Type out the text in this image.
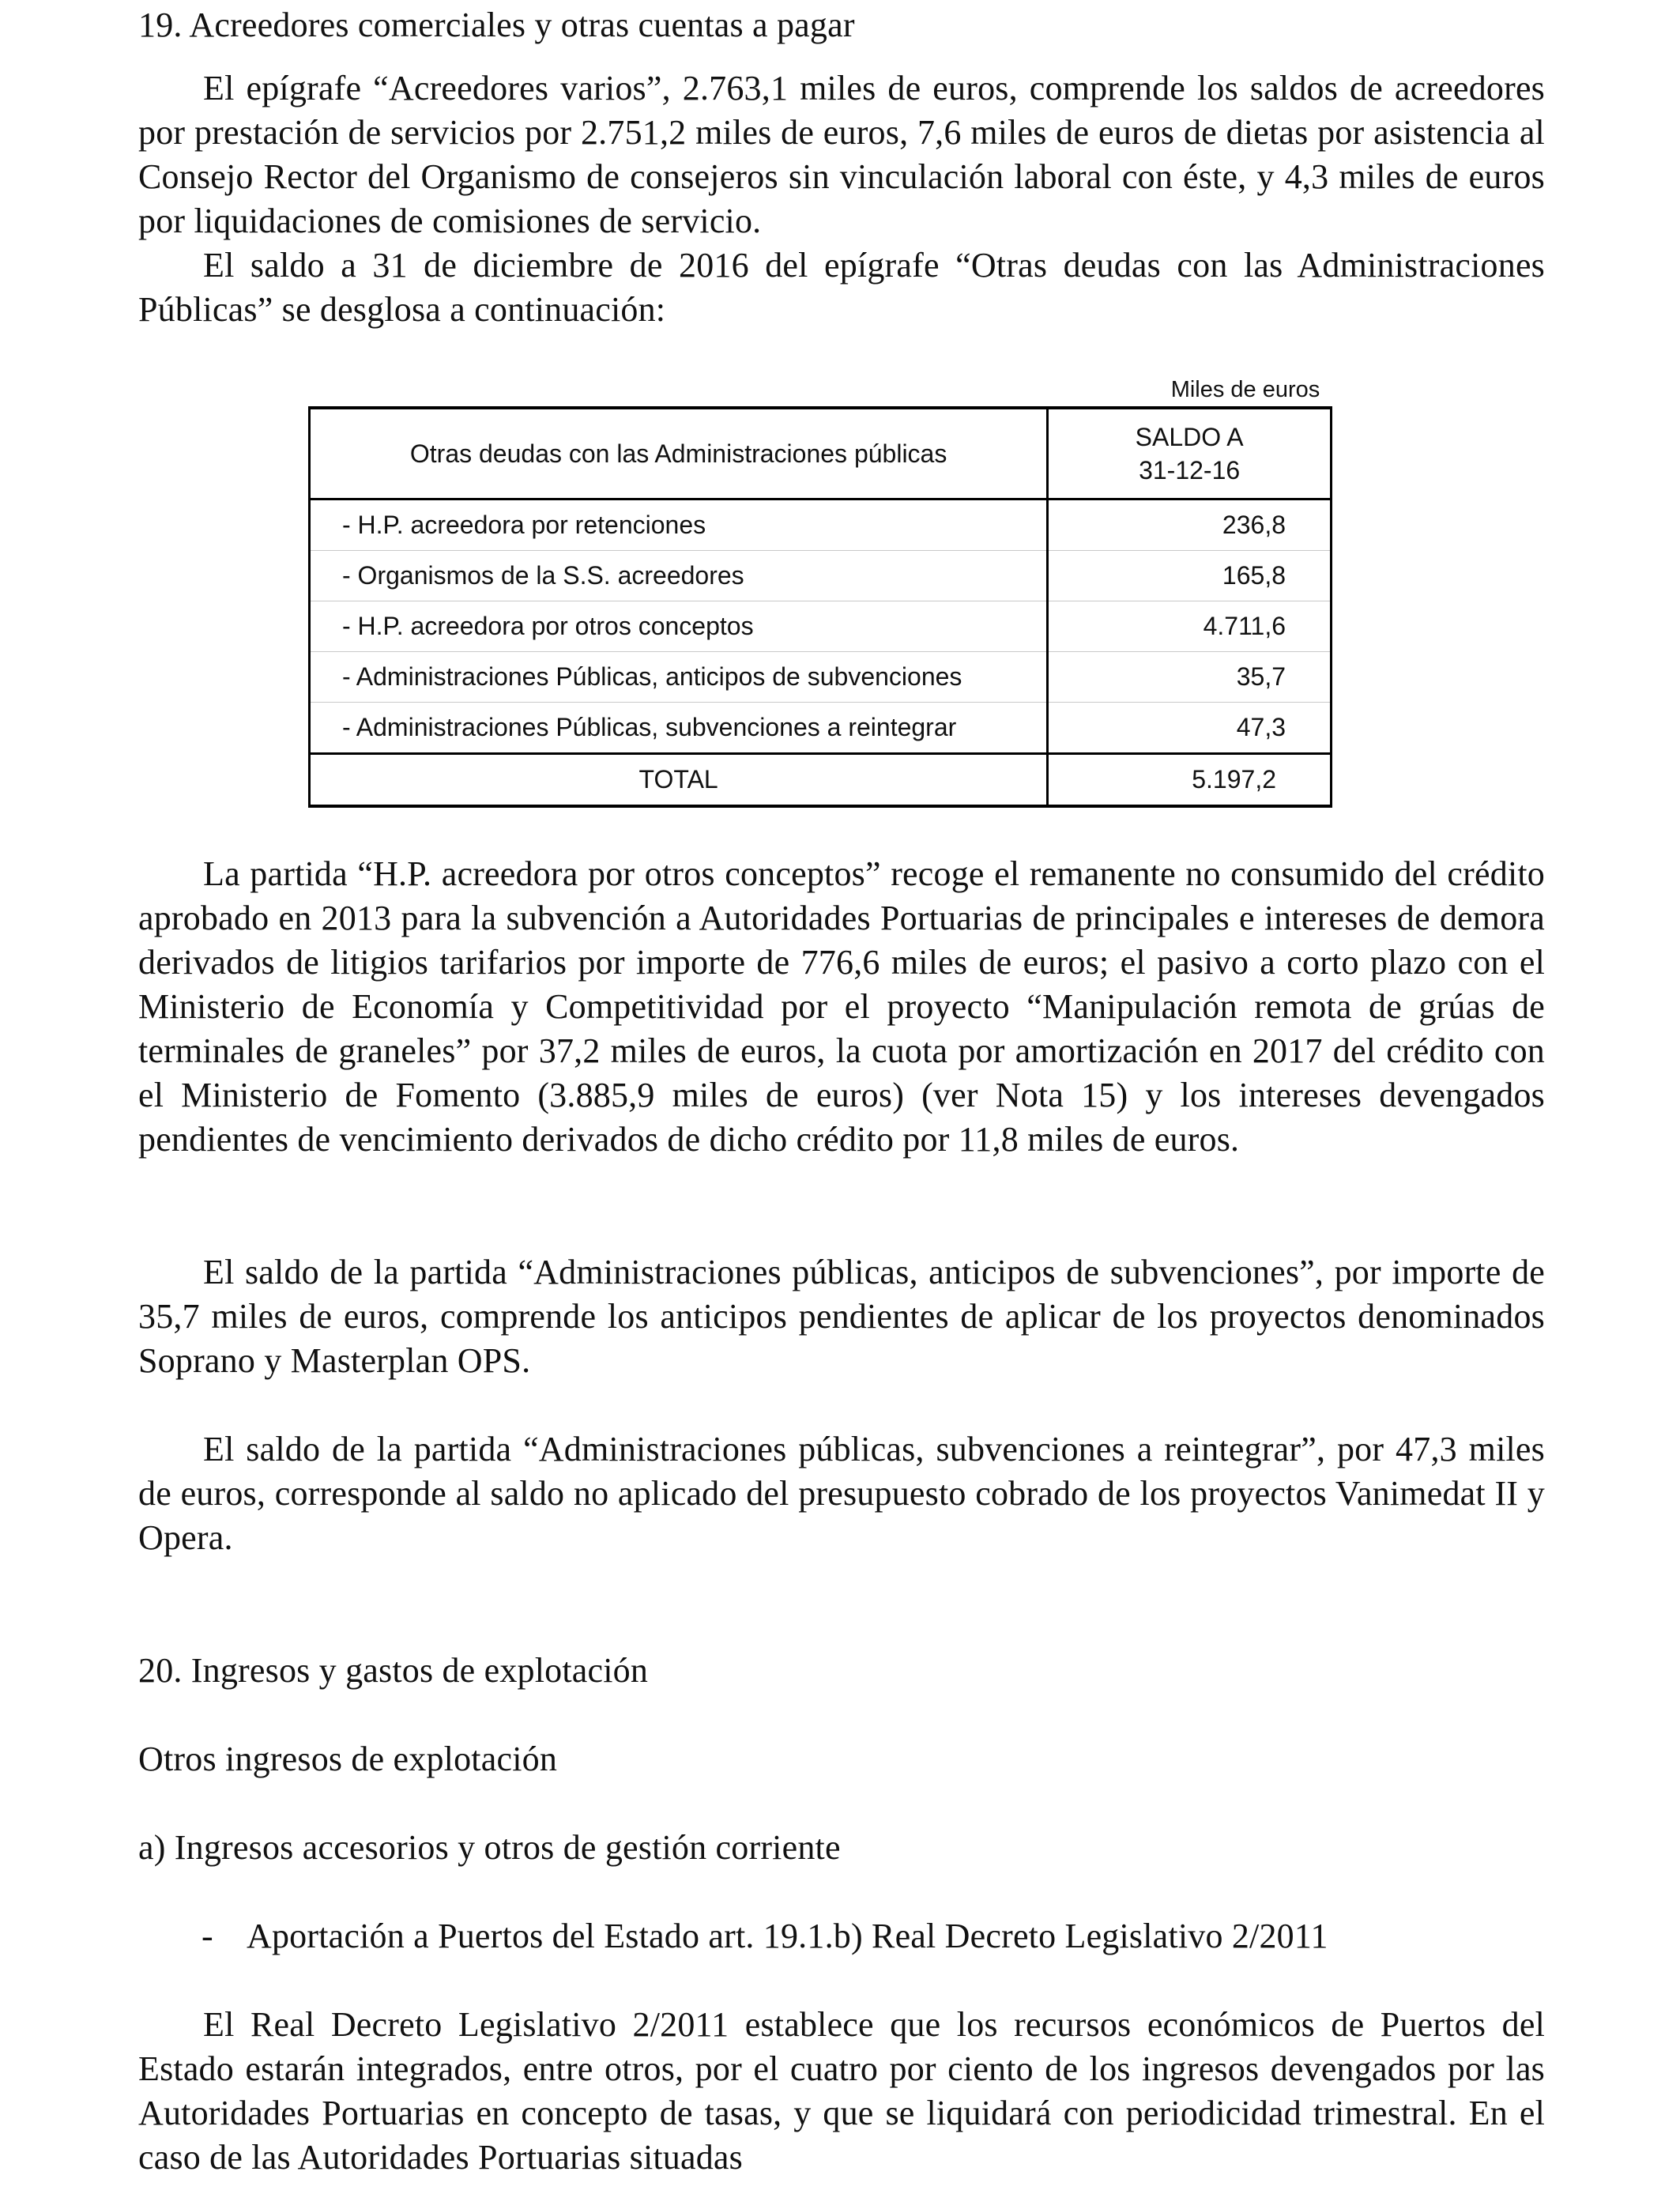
19. Acreedores comerciales y otras cuentas a pagar

El epígrafe “Acreedores varios”, 2.763,1 miles de euros, comprende los saldos de acreedores por prestación de servicios por 2.751,2 miles de euros, 7,6 miles de euros de dietas por asistencia al Consejo Rector del Organismo de consejeros sin vinculación laboral con éste, y 4,3 miles de euros por liquidaciones de comisiones de servicio.

El saldo a 31 de diciembre de 2016 del epígrafe “Otras deudas con las Administraciones Públicas” se desglosa a continuación:

Miles de euros
Otras deudas con las Administraciones públicas	SALDO A
31-12-16
- H.P. acreedora por retenciones	236,8
- Organismos de la S.S. acreedores	165,8
- H.P. acreedora por otros conceptos	4.711,6
- Administraciones Públicas, anticipos de subvenciones	35,7
- Administraciones Públicas, subvenciones a reintegrar	47,3
TOTAL	5.197,2

La partida “H.P. acreedora por otros conceptos” recoge el remanente no consumido del crédito aprobado en 2013 para la subvención a Autoridades Portuarias de principales e intereses de demora derivados de litigios tarifarios por importe de 776,6 miles de euros; el pasivo a corto plazo con el Ministerio de Economía y Competitividad por el proyecto “Manipulación remota de grúas de terminales de graneles” por 37,2 miles de euros, la cuota por amortización en 2017 del crédito con el Ministerio de Fomento (3.885,9 miles de euros) (ver Nota 15) y los intereses devengados pendientes de vencimiento derivados de dicho crédito por 11,8 miles de euros.

El saldo de la partida “Administraciones públicas, anticipos de subvenciones”, por importe de 35,7 miles de euros, comprende los anticipos pendientes de aplicar de los proyectos denominados Soprano y Masterplan OPS.

El saldo de la partida “Administraciones públicas, subvenciones a reintegrar”, por 47,3 miles de euros, corresponde al saldo no aplicado del presupuesto cobrado de los proyectos Vanimedat II y Opera.

20. Ingresos y gastos de explotación

Otros ingresos de explotación

a) Ingresos accesorios y otros de gestión corriente

- Aportación a Puertos del Estado art. 19.1.b) Real Decreto Legislativo 2/2011

El Real Decreto Legislativo 2/2011 establece que los recursos económicos de Puertos del Estado estarán integrados, entre otros, por el cuatro por ciento de los ingresos devengados por las Autoridades Portuarias en concepto de tasas, y que se liquidará con periodicidad trimestral. En el caso de las Autoridades Portuarias situadas
